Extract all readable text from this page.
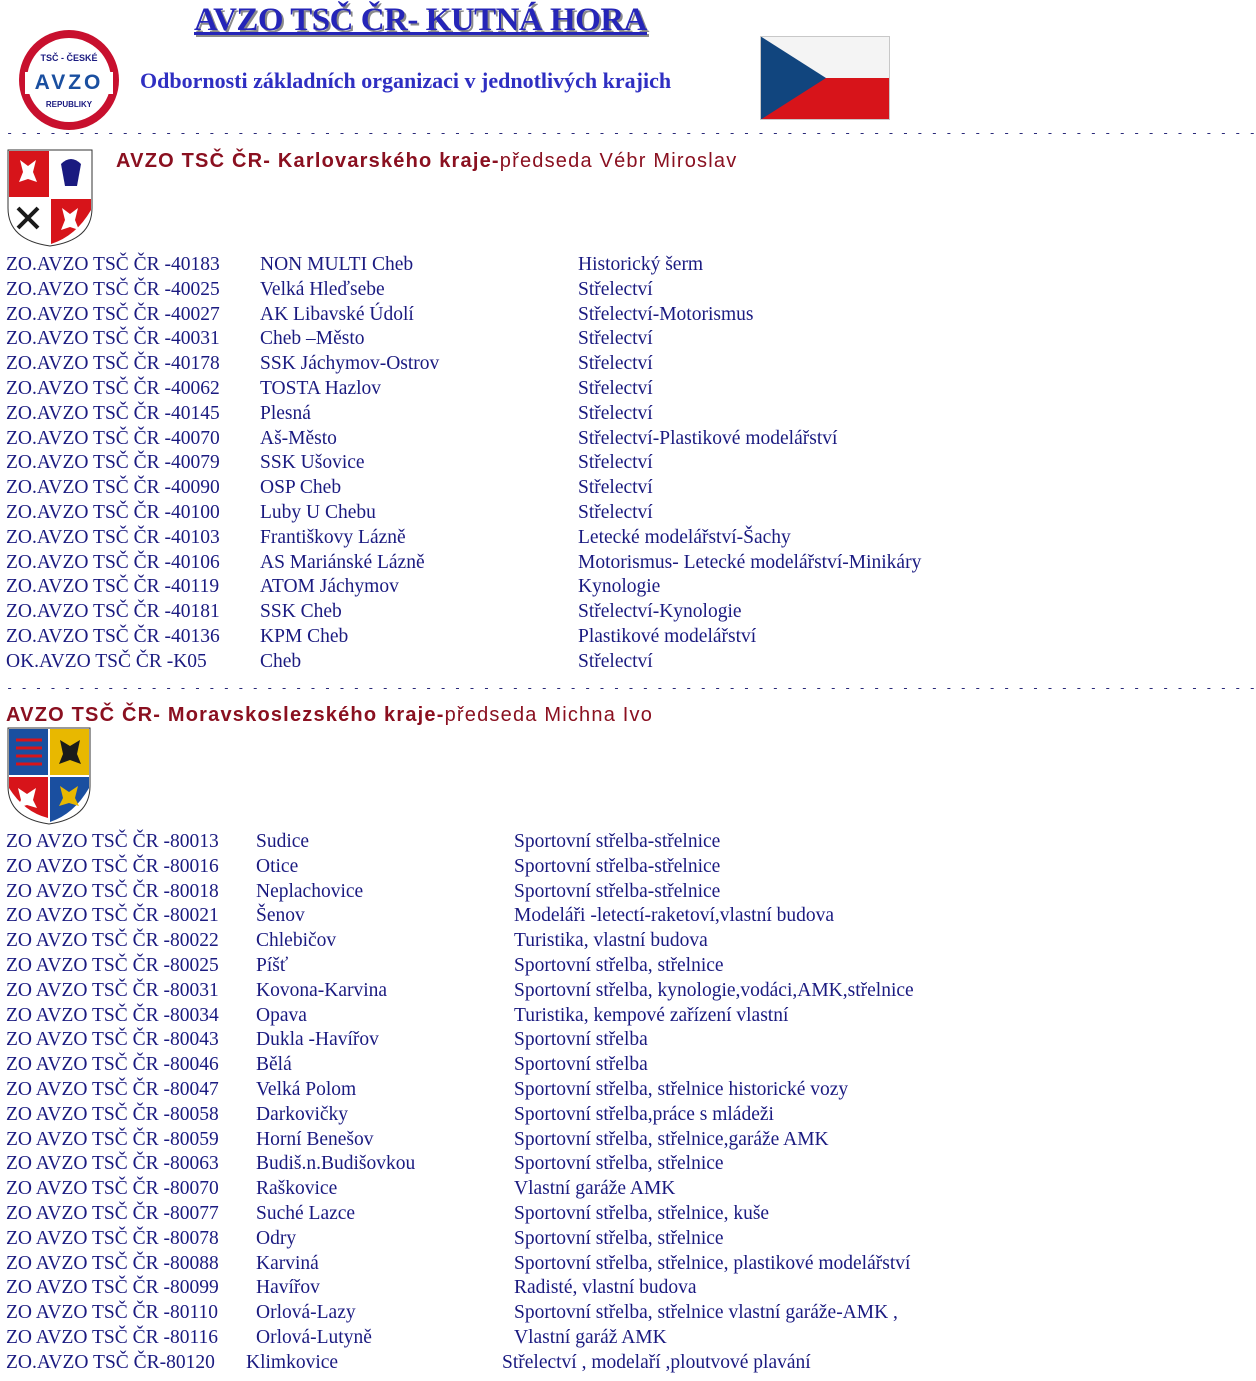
AVZO TSČ ČR- KUTNÁ HORA
TSČ - ČESKÉ
AVZO
REPUBLIKY
Odbornosti základních organizaci v jednotlivých krajich
- - - - - - - - - - - - - - - - - - - - - - - - - - - - - - - - - - - - - - - - - - - - - - - - - - - - - - - - - - - - - - - - - - - - - - - - - - - - - - - - - - - - - - -
AVZO TSČ ČR- Karlovarského kraje-předseda Vébr Miroslav
ZO.AVZO TSČ ČR -40183 NON MULTI Cheb	Historický šerm
ZO.AVZO TSČ ČR -40025 Velká Hleďsebe	Střelectví
ZO.AVZO TSČ ČR -40027 AK Libavské Údolí	Střelectví-Motorismus
ZO.AVZO TSČ ČR -40031 Cheb –Město	Střelectví
ZO.AVZO TSČ ČR -40178 SSK Jáchymov-Ostrov	Střelectví
ZO.AVZO TSČ ČR -40062 TOSTA Hazlov	Střelectví
ZO.AVZO TSČ ČR -40145 Plesná	Střelectví
ZO.AVZO TSČ ČR -40070 Aš-Město	Střelectví-Plastikové modelářství
ZO.AVZO TSČ ČR -40079 SSK Ušovice	Střelectví
ZO.AVZO TSČ ČR -40090 OSP Cheb	Střelectví
ZO.AVZO TSČ ČR -40100 Luby U Chebu	Střelectví
ZO.AVZO TSČ ČR -40103 Františkovy Lázně	Letecké modelářství-Šachy
ZO.AVZO TSČ ČR -40106 AS Mariánské Lázně	Motorismus- Letecké modelářství-Minikáry
ZO.AVZO TSČ ČR -40119 ATOM Jáchymov	Kynologie
ZO.AVZO TSČ ČR -40181 SSK Cheb	Střelectví-Kynologie
ZO.AVZO TSČ ČR -40136 KPM Cheb	Plastikové modelářství
OK.AVZO TSČ ČR -K05	Cheb	Střelectví
- - - - - - - - - - - - - - - - - - - - - - - - - - - - - - - - - - - - - - - - - - - - - - - - - - - - - - - - - - - - - - - - - - - - - - - - - - - - - - - - - - - - - - -
AVZO TSČ ČR- Moravskoslezského kraje-předseda Michna Ivo
ZO AVZO TSČ ČR -80013 Sudice	Sportovní střelba-střelnice
ZO AVZO TSČ ČR -80016 Otice	Sportovní střelba-střelnice
ZO AVZO TSČ ČR -80018 Neplachovice	Sportovní střelba-střelnice
ZO AVZO TSČ ČR -80021 Šenov	Modeláři -letectí-raketoví,vlastní budova
ZO AVZO TSČ ČR -80022 Chlebičov	Turistika, vlastní budova
ZO AVZO TSČ ČR -80025 Píšť	Sportovní střelba, střelnice
ZO AVZO TSČ ČR -80031 Kovona-Karvina	Sportovní střelba, kynologie,vodáci,AMK,střelnice
ZO AVZO TSČ ČR -80034 Opava	Turistika, kempové zařízení vlastní
ZO AVZO TSČ ČR -80043 Dukla -Havířov	Sportovní střelba
ZO AVZO TSČ ČR -80046 Bělá	Sportovní střelba
ZO AVZO TSČ ČR -80047 Velká Polom	Sportovní střelba, střelnice historické vozy
ZO AVZO TSČ ČR -80058 Darkovičky	Sportovní střelba,práce s mládeži
ZO AVZO TSČ ČR -80059 Horní Benešov	Sportovní střelba, střelnice,garáže AMK
ZO AVZO TSČ ČR -80063 Budiš.n.Budišovkou	Sportovní střelba, střelnice
ZO AVZO TSČ ČR -80070 Raškovice	Vlastní garáže AMK
ZO AVZO TSČ ČR -80077 Suché Lazce	Sportovní střelba, střelnice, kuše
ZO AVZO TSČ ČR -80078 Odry	Sportovní střelba, střelnice
ZO AVZO TSČ ČR -80088 Karviná	Sportovní střelba, střelnice, plastikové modelářství
ZO AVZO TSČ ČR -80099 Havířov	Radisté, vlastní budova
ZO AVZO TSČ ČR -80110 Orlová-Lazy	Sportovní střelba, střelnice vlastní garáže-AMK ,
ZO AVZO TSČ ČR -80116 Orlová-Lutyně	Vlastní garáž AMK
ZO.AVZO TSČ ČR-80120 Klimkovice	Střelectví , modelaří ,ploutvové plavání
